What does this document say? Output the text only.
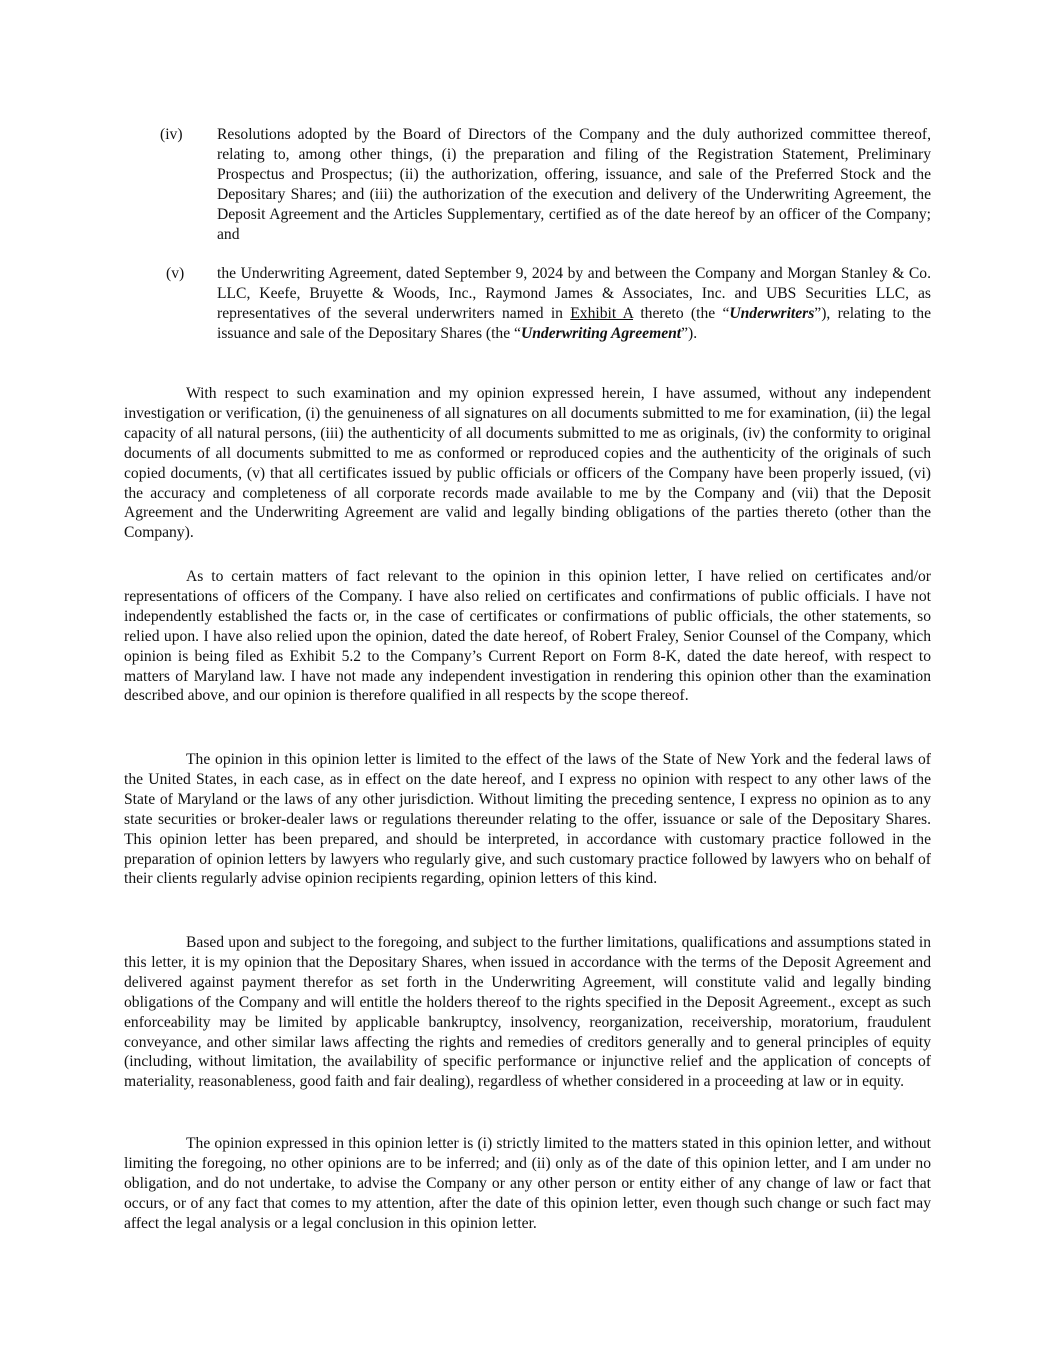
(iv) Resolutions adopted by the Board of Directors of the Company and the duly authorized committee thereof, relating to, among other things, (i) the preparation and filing of the Registration Statement, Preliminary Prospectus and Prospectus; (ii) the authorization, offering, issuance, and sale of the Preferred Stock and the Depositary Shares; and (iii) the authorization of the execution and delivery of the Underwriting Agreement, the Deposit Agreement and the Articles Supplementary, certified as of the date hereof by an officer of the Company; and
(v) the Underwriting Agreement, dated September 9, 2024 by and between the Company and Morgan Stanley & Co. LLC, Keefe, Bruyette & Woods, Inc., Raymond James & Associates, Inc. and UBS Securities LLC, as representatives of the several underwriters named in Exhibit A thereto (the “Underwriters”), relating to the issuance and sale of the Depositary Shares (the “Underwriting Agreement”).
With respect to such examination and my opinion expressed herein, I have assumed, without any independent investigation or verification, (i) the genuineness of all signatures on all documents submitted to me for examination, (ii) the legal capacity of all natural persons, (iii) the authenticity of all documents submitted to me as originals, (iv) the conformity to original documents of all documents submitted to me as conformed or reproduced copies and the authenticity of the originals of such copied documents, (v) that all certificates issued by public officials or officers of the Company have been properly issued, (vi) the accuracy and completeness of all corporate records made available to me by the Company and (vii) that the Deposit Agreement and the Underwriting Agreement are valid and legally binding obligations of the parties thereto (other than the Company).
As to certain matters of fact relevant to the opinion in this opinion letter, I have relied on certificates and/or representations of officers of the Company. I have also relied on certificates and confirmations of public officials. I have not independently established the facts or, in the case of certificates or confirmations of public officials, the other statements, so relied upon. I have also relied upon the opinion, dated the date hereof, of Robert Fraley, Senior Counsel of the Company, which opinion is being filed as Exhibit 5.2 to the Company’s Current Report on Form 8-K, dated the date hereof, with respect to matters of Maryland law. I have not made any independent investigation in rendering this opinion other than the examination described above, and our opinion is therefore qualified in all respects by the scope thereof.
The opinion in this opinion letter is limited to the effect of the laws of the State of New York and the federal laws of the United States, in each case, as in effect on the date hereof, and I express no opinion with respect to any other laws of the State of Maryland or the laws of any other jurisdiction. Without limiting the preceding sentence, I express no opinion as to any state securities or broker-dealer laws or regulations thereunder relating to the offer, issuance or sale of the Depositary Shares. This opinion letter has been prepared, and should be interpreted, in accordance with customary practice followed in the preparation of opinion letters by lawyers who regularly give, and such customary practice followed by lawyers who on behalf of their clients regularly advise opinion recipients regarding, opinion letters of this kind.
Based upon and subject to the foregoing, and subject to the further limitations, qualifications and assumptions stated in this letter, it is my opinion that the Depositary Shares, when issued in accordance with the terms of the Deposit Agreement and delivered against payment therefor as set forth in the Underwriting Agreement, will constitute valid and legally binding obligations of the Company and will entitle the holders thereof to the rights specified in the Deposit Agreement., except as such enforceability may be limited by applicable bankruptcy, insolvency, reorganization, receivership, moratorium, fraudulent conveyance, and other similar laws affecting the rights and remedies of creditors generally and to general principles of equity (including, without limitation, the availability of specific performance or injunctive relief and the application of concepts of materiality, reasonableness, good faith and fair dealing), regardless of whether considered in a proceeding at law or in equity.
The opinion expressed in this opinion letter is (i) strictly limited to the matters stated in this opinion letter, and without limiting the foregoing, no other opinions are to be inferred; and (ii) only as of the date of this opinion letter, and I am under no obligation, and do not undertake, to advise the Company or any other person or entity either of any change of law or fact that occurs, or of any fact that comes to my attention, after the date of this opinion letter, even though such change or such fact may affect the legal analysis or a legal conclusion in this opinion letter.
